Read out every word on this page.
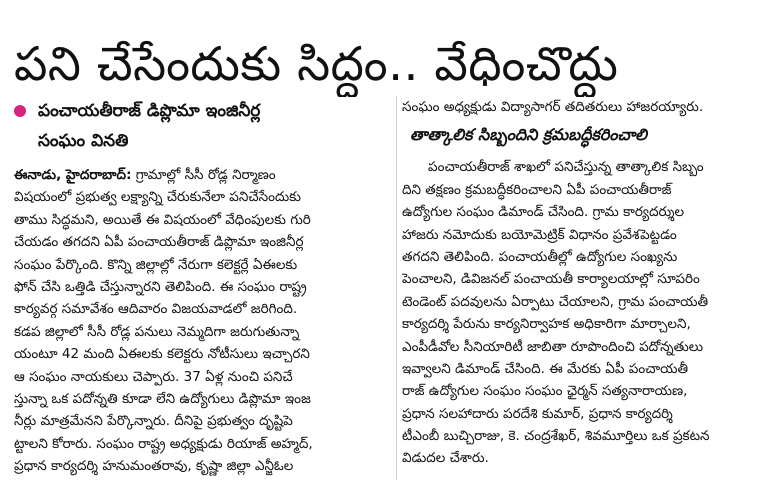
పని చేసేందుకు సిద్ధం.. వేధించొద్దు
పంచాయతీరాజ్ డిప్లొమా ఇంజినీర్ల
సంఘం వినతి
ఈనాడు, హైదరాబాద్: గ్రామాల్లో సీసీ రోడ్ల నిర్మాణం
విషయంలో ప్రభుత్వ లక్ష్యాన్ని చేరుకునేలా పనిచేసేందుకు
తాము సిద్ధమని, అయితే ఈ విషయంలో వేధింపులకు గురి
చేయడం తగదని ఏపీ పంచాయతీరాజ్ డిప్లొమా ఇంజినీర్ల
సంఘం పేర్కొంది. కొన్ని జిల్లాల్లో నేరుగా కలెక్టర్లే ఏఈలకు
ఫోన్ చేసి ఒత్తిడి చేస్తున్నారని తెలిపింది. ఈ సంఘం రాష్ట్ర
కార్యవర్గ సమావేశం ఆదివారం విజయవాడలో జరిగింది.
కడప జిల్లాలో సీసీ రోడ్ల పనులు నెమ్మదిగా జరుగుతున్నా
యంటూ 42 మంది ఏఈలకు కలెక్టరు నోటీసులు ఇచ్చారని
ఆ సంఘం నాయకులు చెప్పారు. 37 ఏళ్ల నుంచి పనిచే
స్తున్నా ఒక పదోన్నతి కూడా లేని ఉద్యోగులు డిప్లొమా ఇంజ
నీర్లు మాత్రమేనని పేర్కొన్నారు. దీనిపై ప్రభుత్వం దృష్టిపె
ట్టాలని కోరారు. సంఘం రాష్ట్ర అధ్యక్షుడు రియాజ్ అహ్మద్,
ప్రధాన కార్యదర్శి హనుమంతరావు, కృష్ణా జిల్లా ఎన్జీఓల
సంఘం అధ్యక్షుడు విద్యాసాగర్ తదితరులు హాజరయ్యారు.
తాత్కాలిక సిబ్బందిని క్రమబద్ధీకరించాలి
పంచాయతీరాజ్ శాఖలో పనిచేస్తున్న తాత్కాలిక సిబ్బం
దిని తక్షణం క్రమబద్ధీకరించాలని ఏపీ పంచాయతీరాజ్
ఉద్యోగుల సంఘం డిమాండ్ చేసింది. గ్రామ కార్యదర్శుల
హాజరు నమోదుకు బయోమెట్రిక్ విధానం ప్రవేశపెట్టడం
తగదని తెలిపింది. పంచాయతీల్లో ఉద్యోగుల సంఖ్యను
పెంచాలని, డివిజనల్ పంచాయతీ కార్యాలయాల్లో సూపరిం
టెండెంట్ పదవులను ఏర్పాటు చేయాలని, గ్రామ పంచాయతీ
కార్యదర్శి పేరును కార్యనిర్వాహక అధికారిగా మార్చాలని,
ఎంపీడీవోల సీనియారిటీ జాబితా రూపొందించి పదోన్నతులు
ఇవ్వాలని డిమాండ్ చేసింది. ఈ మేరకు ఏపీ పంచాయతీ
రాజ్ ఉద్యోగుల సంఘం సంఘం ఛైర్మన్ సత్యనారాయణ,
ప్రధాన సలహాదారు పరదేశి కుమార్, ప్రధాన కార్యదర్శి
టీఎంబీ బుచ్చిరాజు, కె. చంద్రశేఖర్, శివమూర్తిలు ఒక ప్రకటన
విడుదల చేశారు.
